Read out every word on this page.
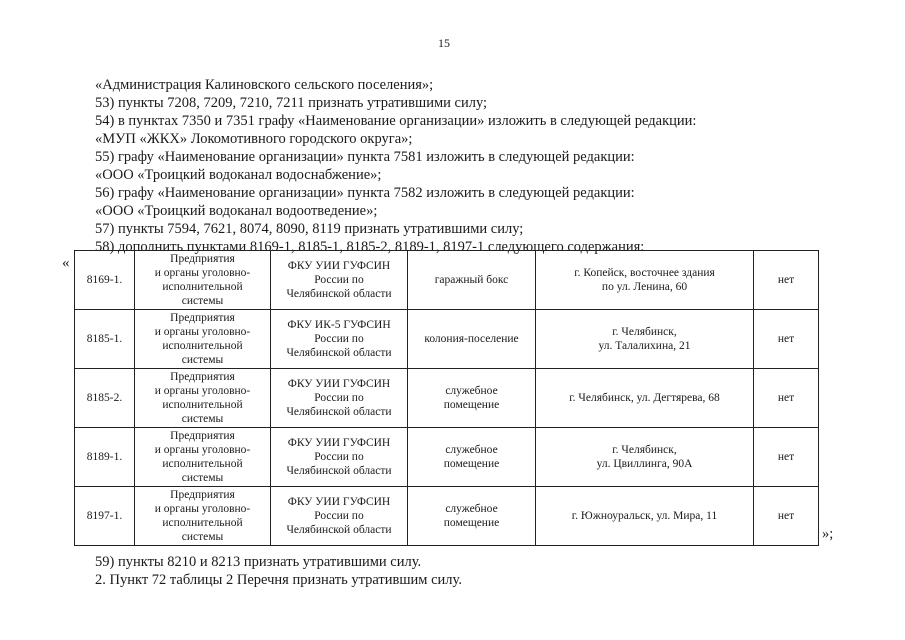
15
«Администрация Калиновского сельского поселения»;
53) пункты 7208, 7209, 7210, 7211 признать утратившими силу;
54) в пунктах 7350 и 7351 графу «Наименование организации» изложить в следующей редакции:
«МУП «ЖКХ» Локомотивного городского округа»;
55) графу «Наименование организации» пункта 7581 изложить в следующей редакции:
«ООО «Троицкий водоканал водоснабжение»;
56) графу «Наименование организации» пункта 7582 изложить в следующей редакции:
«ООО «Троицкий водоканал водоотведение»;
57) пункты 7594, 7621, 8074, 8090, 8119 признать утратившими силу;
58) дополнить пунктами 8169-1, 8185-1, 8185-2, 8189-1, 8197-1 следующего содержания:
«
8169-1.	Предприятия
и органы уголовно-
исполнительной
системы	ФКУ УИИ ГУФСИН
России по
Челябинской области	гаражный бокс	г. Копейск, восточнее здания
по ул. Ленина, 60	нет
8185-1.	Предприятия
и органы уголовно-
исполнительной
системы	ФКУ ИК-5 ГУФСИН
России по
Челябинской области	колония-поселение	г. Челябинск,
ул. Талалихина, 21	нет
8185-2.	Предприятия
и органы уголовно-
исполнительной
системы	ФКУ УИИ ГУФСИН
России по
Челябинской области	служебное
помещение	г. Челябинск, ул. Дегтярева, 68	нет
8189-1.	Предприятия
и органы уголовно-
исполнительной
системы	ФКУ УИИ ГУФСИН
России по
Челябинской области	служебное
помещение	г. Челябинск,
ул. Цвиллинга, 90А	нет
8197-1.	Предприятия
и органы уголовно-
исполнительной
системы	ФКУ УИИ ГУФСИН
России по
Челябинской области	служебное
помещение	г. Южноуральск, ул. Мира, 11	нет
»;
59) пункты 8210 и 8213 признать утратившими силу.
2. Пункт 72 таблицы 2 Перечня признать утратившим силу.
